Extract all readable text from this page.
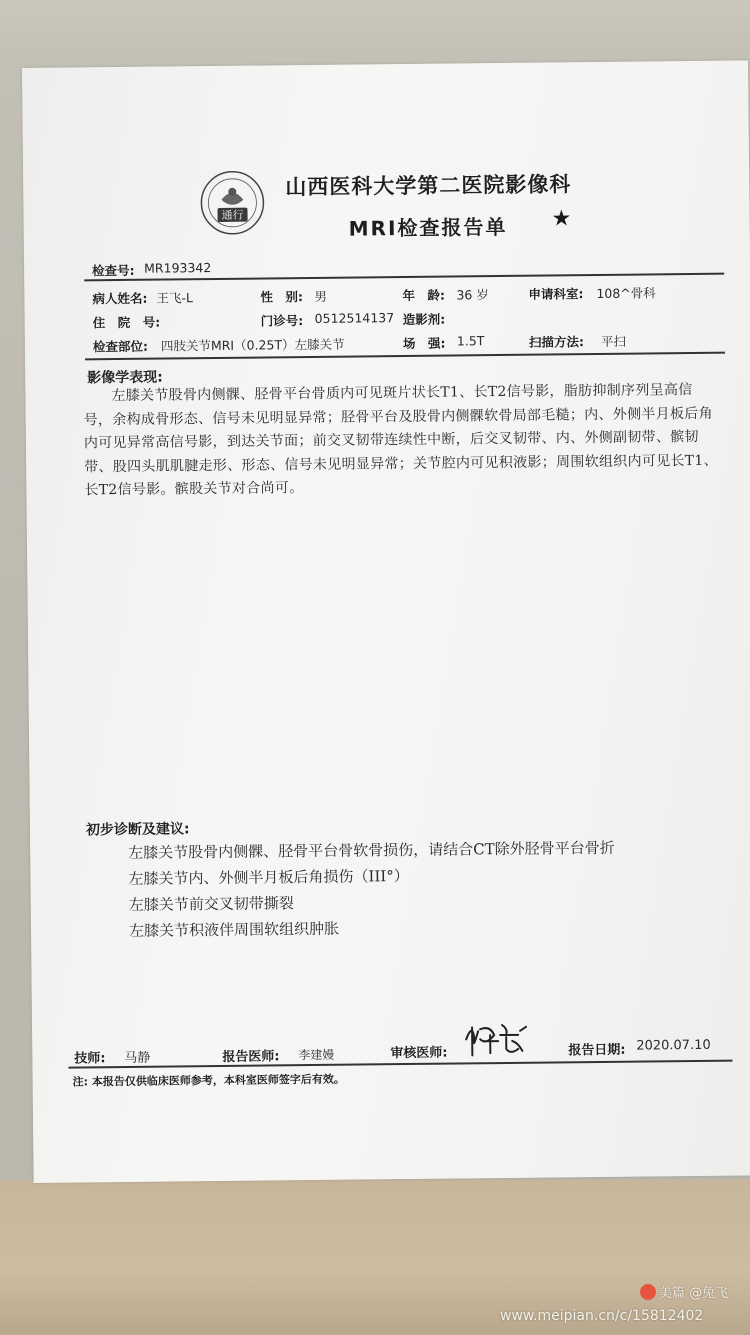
通行
山西医科大学第二医院影像科
MRI检查报告单 ★
检查号: MR193342
病人姓名: 王飞-L	性　别: 男	年　龄: 36 岁	申请科室: 108^骨科
住　院　号:	门诊号: 0512514137 造影剂:
检查部位: 四肢关节MRI（0.25T）左膝关节	场　强: 1.5T	扫描方法: 平扫
影像学表现:
左膝关节股骨内侧髁、胫骨平台骨质内可见斑片状长T1、长T2信号影，脂肪抑制序列呈高信号，余构成骨形态、信号未见明显异常；胫骨平台及股骨内侧髁软骨局部毛糙；内、外侧半月板后角内可见异常高信号影，到达关节面；前交叉韧带连续性中断，后交叉韧带、内、外侧副韧带、髌韧带、股四头肌肌腱走形、形态、信号未见明显异常；关节腔内可见积液影；周围软组织内可见长T1、长T2信号影。髌股关节对合尚可。
初步诊断及建议:
左膝关节股骨内侧髁、胫骨平台骨软骨损伤，请结合CT除外胫骨平台骨折
左膝关节内、外侧半月板后角损伤（III°）
左膝关节前交叉韧带撕裂
左膝关节积液伴周围软组织肿胀
技师: 马静	报告医师: 李建嫚	审核医师:	报告日期: 2020.07.10
注: 本报告仅供临床医师参考，本科室医师签字后有效。
美篇 @兔飞
www.meipian.cn/c/15812402
